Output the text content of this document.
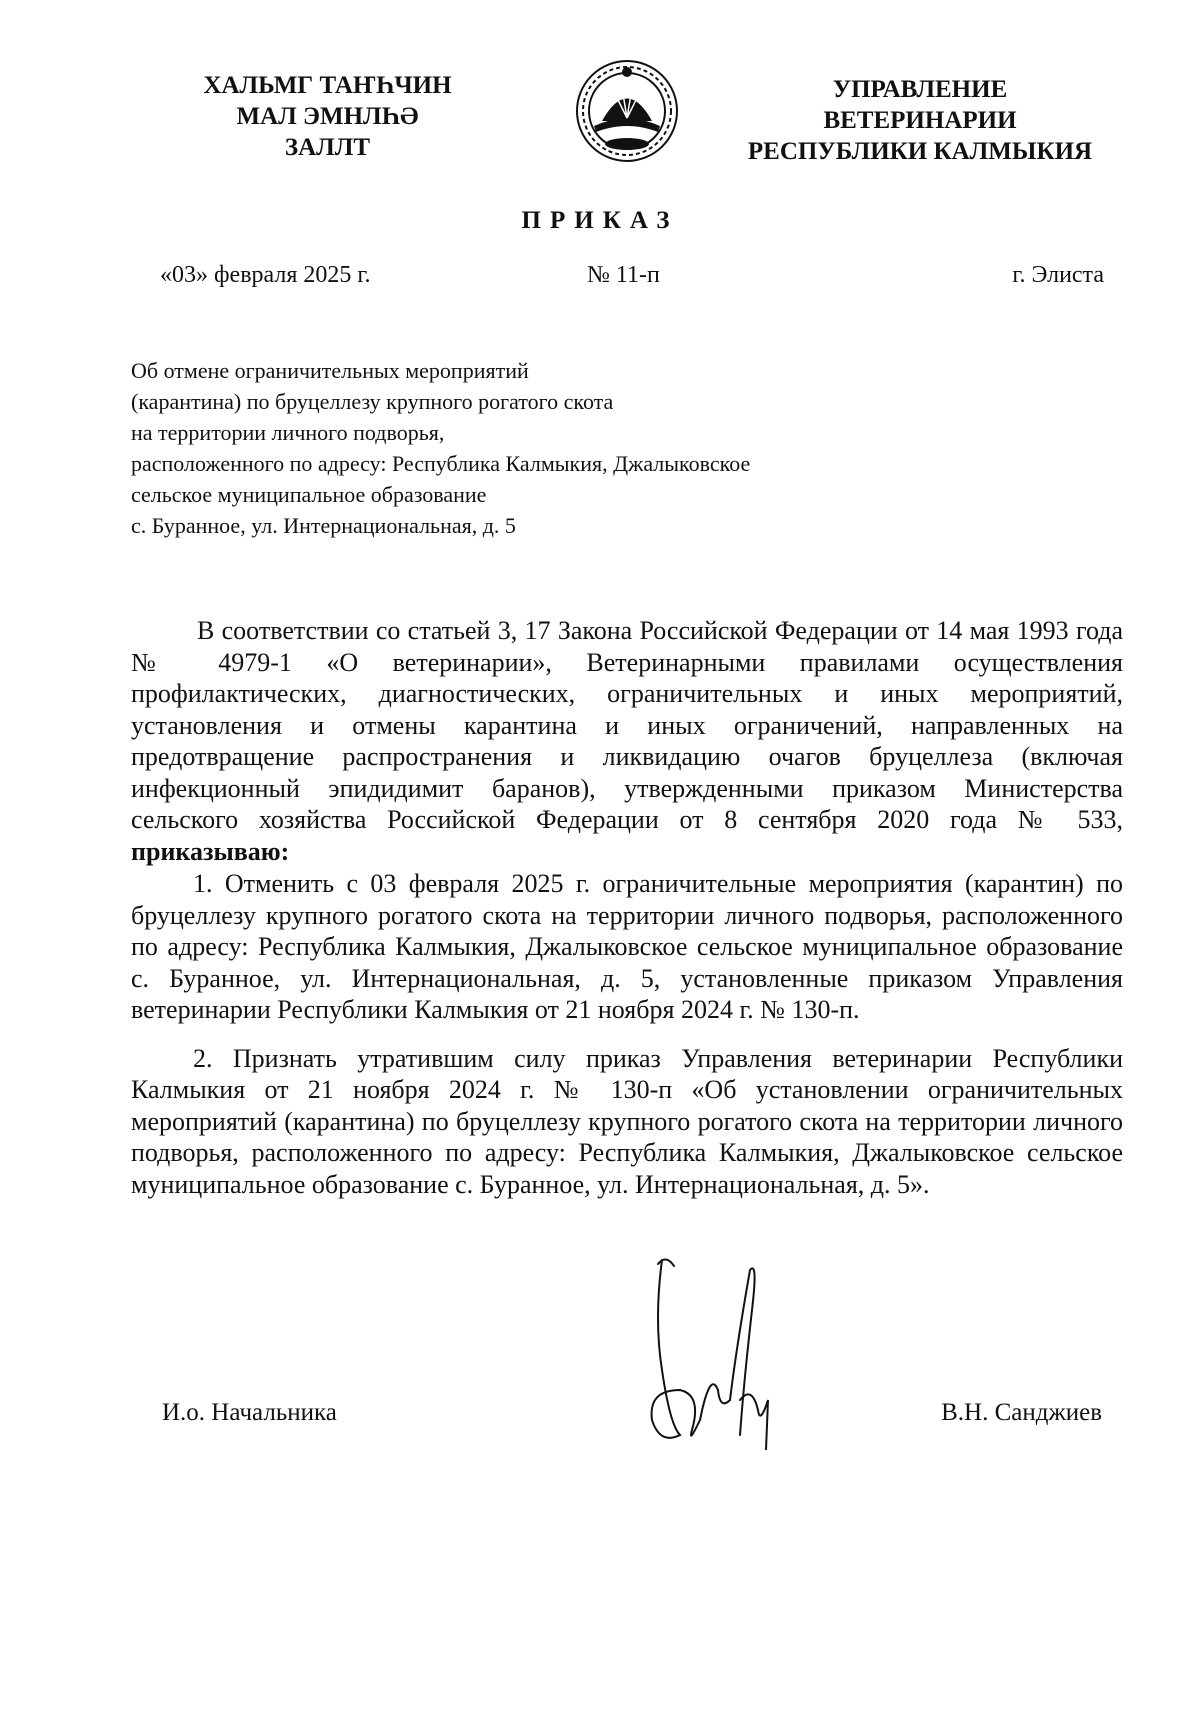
ХАЛЬМГ ТАҤҺЧИН
МАЛ ЭМНЛҺӘ
ЗАЛЛТ
УПРАВЛЕНИЕ
ВЕТЕРИНАРИИ
РЕСПУБЛИКИ КАЛМЫКИЯ
ПРИКАЗ
«03» февраля 2025 г.	№ 11-п	г. Элиста
Об отмене ограничительных мероприятий
(карантина) по бруцеллезу крупного рогатого скота
на территории личного подворья,
расположенного по адресу: Республика Калмыкия, Джалыковское
сельское муниципальное образование
с. Буранное, ул. Интернациональная, д. 5

В соответствии со статьей 3, 17 Закона Российской Федерации от 14 мая 1993 года № 4979-1 «О ветеринарии», Ветеринарными правилами осуществления профилактических, диагностических, ограничительных и иных мероприятий, установления и отмены карантина и иных ограничений, направленных на предотвращение распространения и ликвидацию очагов бруцеллеза (включая инфекционный эпидидимит баранов), утвержденными приказом Министерства сельского хозяйства Российской Федерации от 8 сентября 2020 года № 533, приказываю:

1. Отменить с 03 февраля 2025 г. ограничительные мероприятия (карантин) по бруцеллезу крупного рогатого скота на территории личного подворья, расположенного по адресу: Республика Калмыкия, Джалыковское сельское муниципальное образование с. Буранное, ул. Интернациональная, д. 5, установленные приказом Управления ветеринарии Республики Калмыкия от 21 ноября 2024 г. № 130-п.

2. Признать утратившим силу приказ Управления ветеринарии Республики Калмыкия от 21 ноября 2024 г. № 130-п «Об установлении ограничительных мероприятий (карантина) по бруцеллезу крупного рогатого скота на территории личного подворья, расположенного по адресу: Республика Калмыкия, Джалыковское сельское муниципальное образование с. Буранное, ул. Интернациональная, д. 5».

И.о. Начальника	В.Н. Санджиев
